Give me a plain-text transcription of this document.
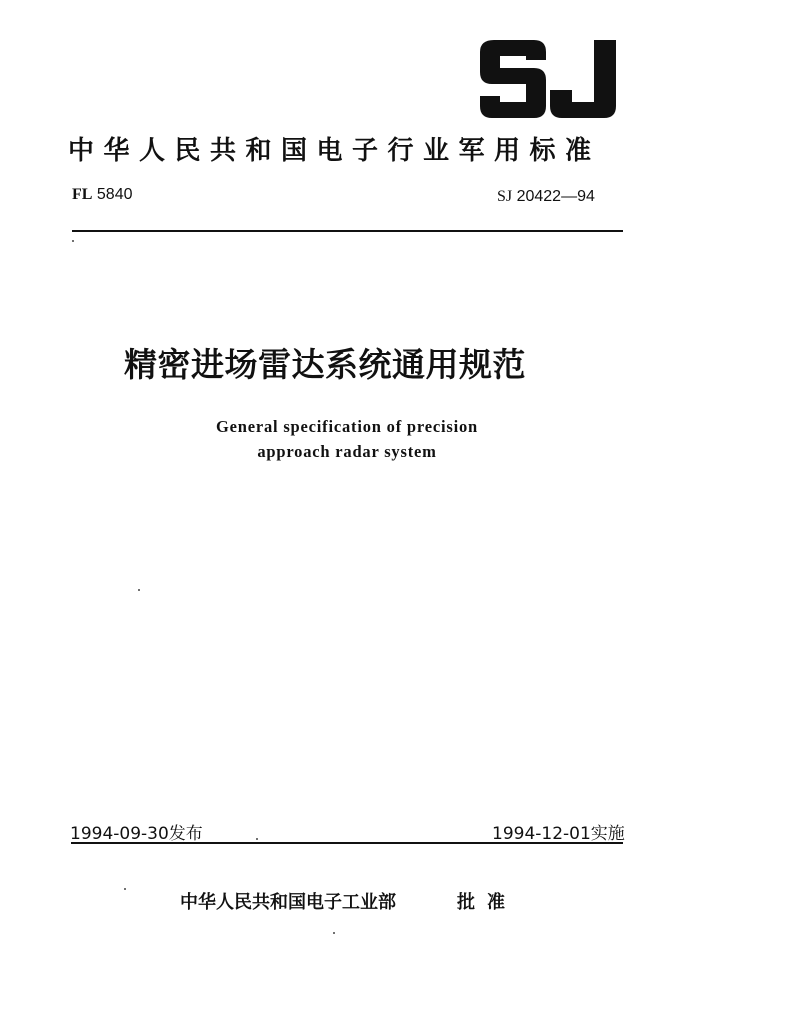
中华人民共和国电子行业军用标准
FL 5840	SJ 20422—94
精密进场雷达系统通用规范
General specification of precision
approach radar system
1994-09-30发布	1994-12-01实施
中华人民共和国电子工业部	批准
